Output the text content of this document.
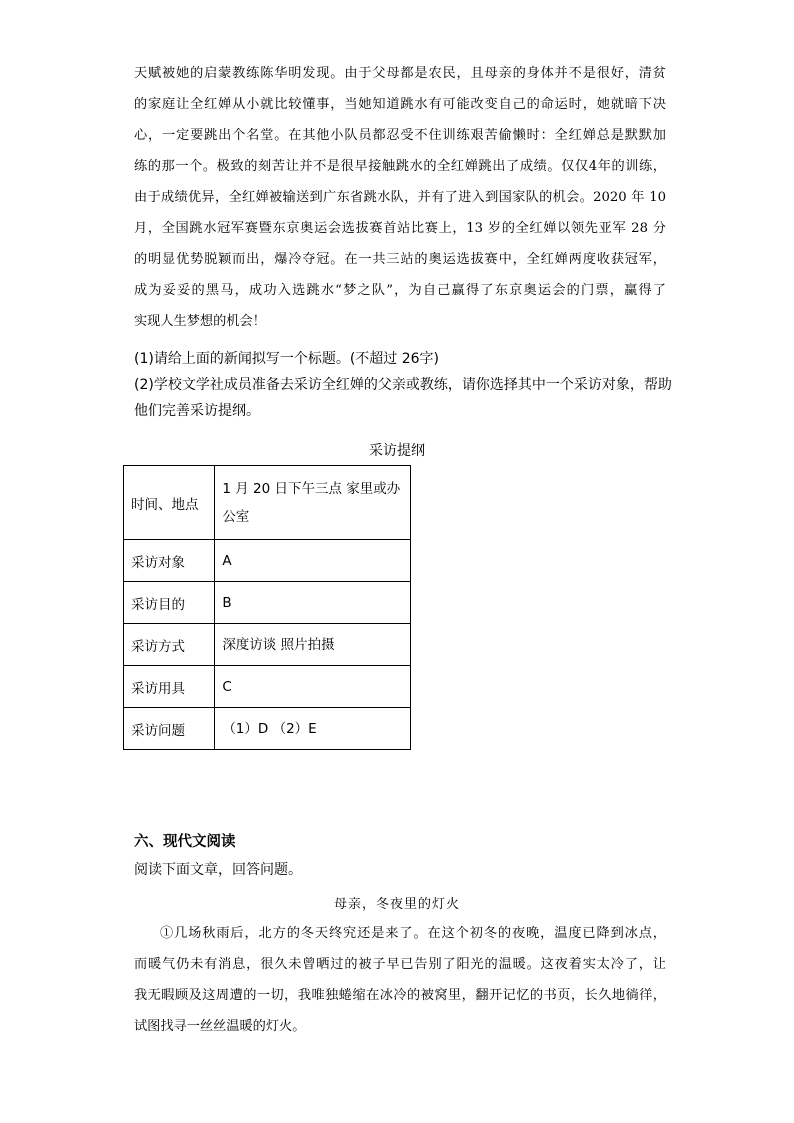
天赋被她的启蒙教练陈华明发现。由于父母都是农民，且母亲的身体并不是很好，清贫

的家庭让全红婵从小就比较懂事，当她知道跳水有可能改变自己的命运时，她就暗下决

心，一定要跳出个名堂。在其他小队员都忍受不住训练艰苦偷懒时：全红婵总是默默加

练的那一个。极致的刻苦让并不是很早接触跳水的全红婵跳出了成绩。仅仅4年的训练，

由于成绩优异，全红婵被输送到广东省跳水队，并有了进入到国家队的机会。2020 年 10

月，全国跳水冠军赛暨东京奥运会选拔赛首站比赛上，13 岁的全红婵以领先亚军 28 分

的明显优势脱颖而出，爆冷夺冠。在一共三站的奥运选拔赛中，全红婵两度收获冠军，

成为妥妥的黑马，成功入选跳水“梦之队”，为自己赢得了东京奥运会的门票，赢得了

实现人生梦想的机会！

(1)请给上面的新闻拟写一个标题。(不超过 26字)

(2)学校文学社成员准备去采访全红婵的父亲或教练，请你选择其中一个采访对象，帮助

他们完善采访提纲。

采访提纲
时间、地点	1 月 20 日下午三点 家里或办公室
采访对象	A
采访目的	B
采访方式	深度访谈 照片拍摄
采访用具	C
采访问题	（1）D （2）E
六、现代文阅读
阅读下面文章，回答问题。
母亲，冬夜里的灯火

①几场秋雨后，北方的冬天终究还是来了。在这个初冬的夜晚，温度已降到冰点，

而暖气仍未有消息，很久未曾晒过的被子早已告别了阳光的温暖。这夜着实太冷了，让

我无暇顾及这周遭的一切，我唯独蜷缩在冰冷的被窝里，翻开记忆的书页，长久地徜徉，

试图找寻一丝丝温暖的灯火。
